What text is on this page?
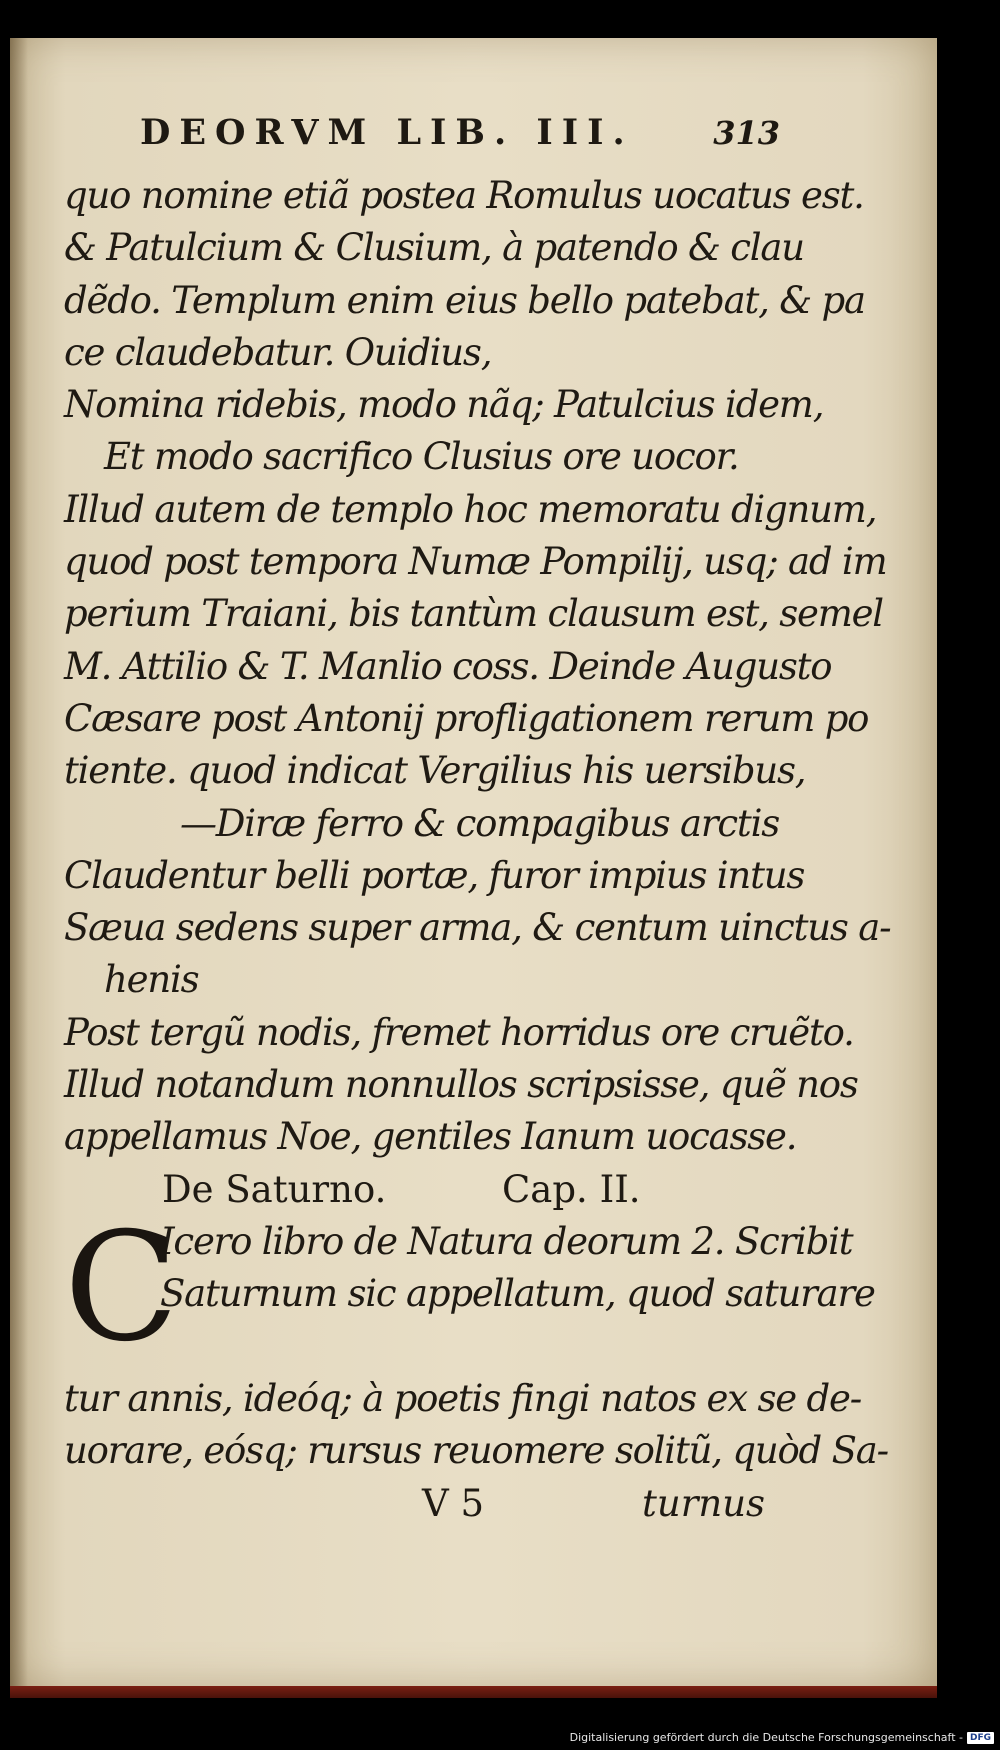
DEORVM LIB. III. 313
quo nomine etiã postea Romulus uocatus est.
& Patulcium & Clusium, à patendo & clau
dẽdo. Templum enim eius bello patebat, & pa
ce claudebatur. Ouidius,
Nomina ridebis, modo nãq; Patulcius idem,
Et modo sacrifico Clusius ore uocor.
Illud autem de templo hoc memoratu dignum,
quod post tempora Numæ Pompilij, usq; ad im
perium Traiani, bis tantùm clausum est, semel
M. Attilio & T. Manlio coss. Deinde Augusto
Cæsare post Antonij profligationem rerum po
tiente. quod indicat Vergilius his uersibus,
—Diræ ferro & compagibus arctis
Claudentur belli portæ, furor impius intus
Sæua sedens super arma, & centum uinctus a-
henis
Post tergũ nodis, fremet horridus ore cruẽto.
Illud notandum nonnullos scripsisse, quẽ nos
appellamus Noe, gentiles Ianum uocasse.
De Saturno.	Cap. II.
C
Icero libro de Natura deorum 2. Scribit
Saturnum sic appellatum, quod saturare
tur annis, ideóq; à poetis fingi natos ex se de-
uorare, eósq; rursus reuomere solitũ, quòd Sa-
V 5	turnus
Digitalisierung gefördert durch die Deutsche Forschungsgemeinschaft - DFG
